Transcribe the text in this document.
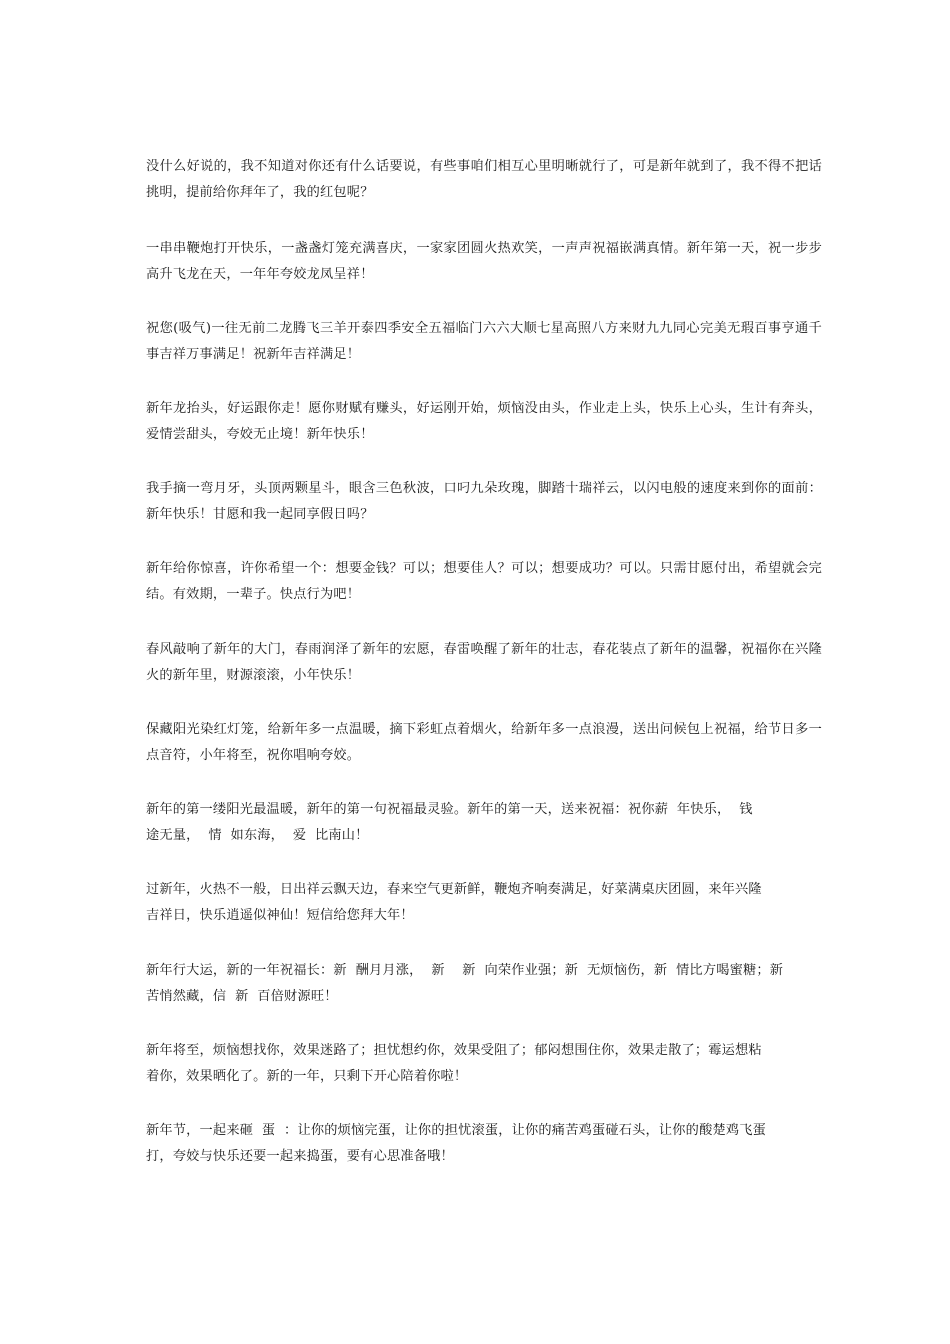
没什么好说的，我不知道对你还有什么话要说，有些事咱们相互心里明晰就行了，可是新年就到了，我不得不把话挑明，提前给你拜年了，我的红包呢？

一串串鞭炮打开快乐，一盏盏灯笼充满喜庆，一家家团圆火热欢笑，一声声祝福嵌满真情。新年第一天，祝一步步高升飞龙在天，一年年夸姣龙凤呈祥！

祝您(吸气)一往无前二龙腾飞三羊开泰四季安全五福临门六六大顺七星高照八方来财九九同心完美无瑕百事亨通千事吉祥万事满足！祝新年吉祥满足！

新年龙抬头，好运跟你走！愿你财赋有赚头，好运刚开始，烦恼没由头，作业走上头，快乐上心头，生计有奔头，爱情尝甜头，夸姣无止境！新年快乐！

我手摘一弯月牙，头顶两颗星斗，眼含三色秋波，口叼九朵玫瑰，脚踏十瑞祥云，以闪电般的速度来到你的面前：新年快乐！甘愿和我一起同享假日吗？

新年给你惊喜，许你希望一个：想要金钱？可以；想要佳人？可以；想要成功？可以。只需甘愿付出，希望就会完结。有效期，一辈子。快点行为吧！

春风敲响了新年的大门，春雨润泽了新年的宏愿，春雷唤醒了新年的壮志，春花装点了新年的温馨，祝福你在兴隆火的新年里，财源滚滚，小年快乐！

保藏阳光染红灯笼，给新年多一点温暖，摘下彩虹点着烟火，给新年多一点浪漫，送出问候包上祝福，给节日多一点音符，小年将至，祝你唱响夸姣。

新年的第一缕阳光最温暖，新年的第一句祝福最灵验。新年的第一天，送来祝福：祝你薪  年快乐，  钱
途无量，  情  如东海，  爱  比南山！

过新年，火热不一般，日出祥云飘天边，春来空气更新鲜，鞭炮齐响奏满足，好菜满桌庆团圆，来年兴隆
吉祥日，快乐逍遥似神仙！短信给您拜大年！

新年行大运，新的一年祝福长：新  酬月月涨，  新    新  向荣作业强；新  无烦恼伤，新  情比方喝蜜糖；新
苦悄然藏，信  新  百倍财源旺！

新年将至，烦恼想找你，效果迷路了；担忧想约你，效果受阻了；郁闷想围住你，效果走散了；霉运想粘
着你，效果晒化了。新的一年，只剩下开心陪着你啦！

新年节，一起来砸  蛋  ：让你的烦恼完蛋，让你的担忧滚蛋，让你的痛苦鸡蛋碰石头，让你的酸楚鸡飞蛋
打，夸姣与快乐还要一起来捣蛋，要有心思准备哦！
